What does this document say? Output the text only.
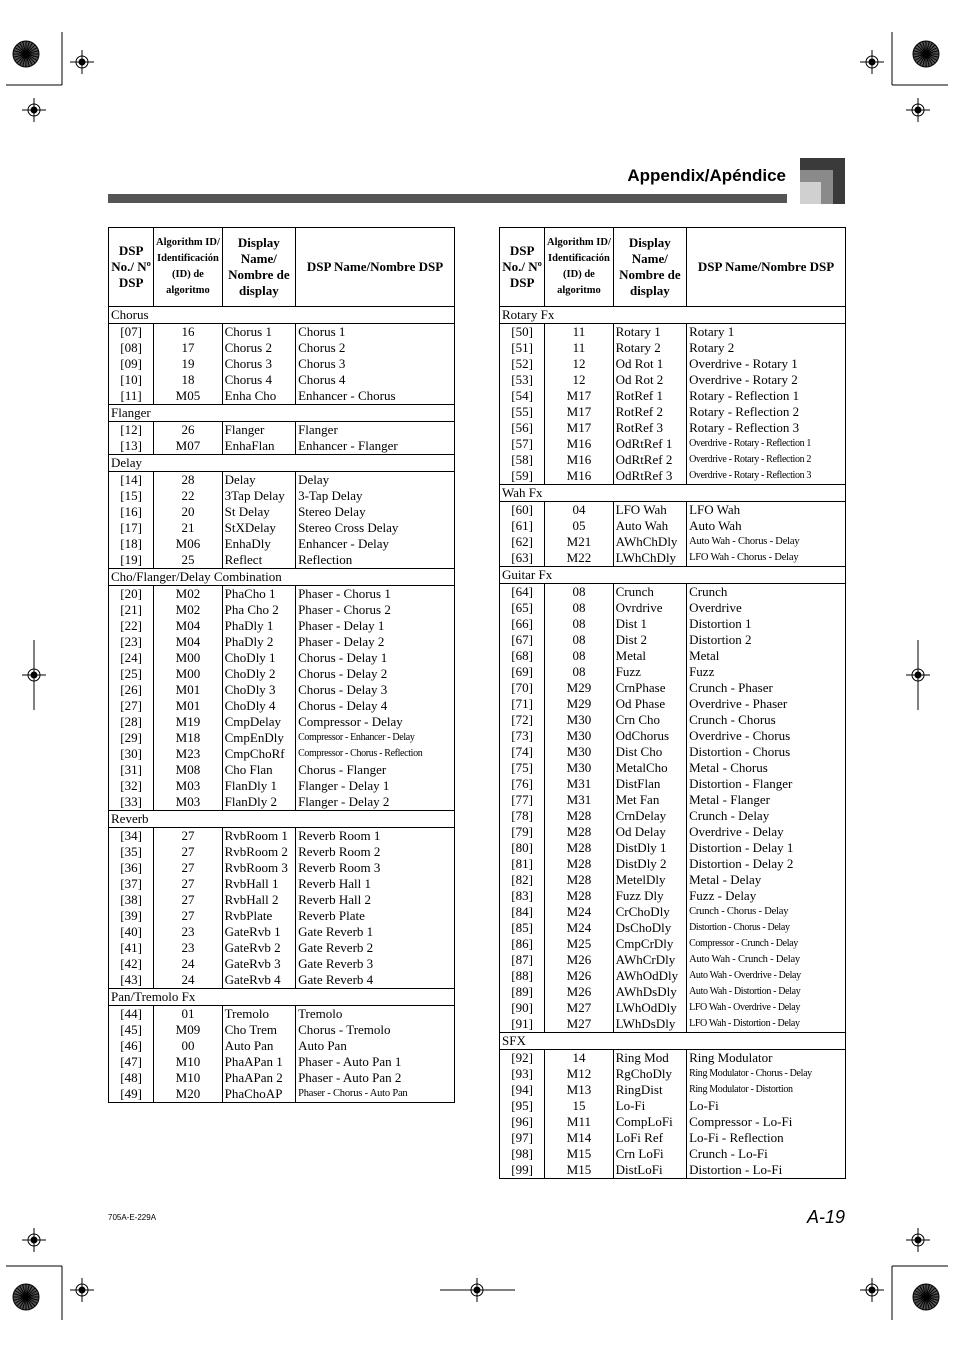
Appendix/Apéndice
DSP No./ Nº DSP	Algorithm ID/ Identificación (ID) de algoritmo	Display Name/ Nombre de display	DSP Name/Nombre DSP
Chorus			
[07]	16	Chorus 1	Chorus 1
[08]	17	Chorus 2	Chorus 2
[09]	19	Chorus 3	Chorus 3
[10]	18	Chorus 4	Chorus 4
[11]	M05	Enha Cho	Enhancer - Chorus
Flanger			
[12]	26	Flanger	Flanger
[13]	M07	EnhaFlan	Enhancer - Flanger
Delay			
[14]	28	Delay	Delay
[15]	22	3Tap Delay	3-Tap Delay
[16]	20	St Delay	Stereo Delay
[17]	21	StXDelay	Stereo Cross Delay
[18]	M06	EnhaDly	Enhancer - Delay
[19]	25	Reflect	Reflection
Cho/Flanger/Delay Combination			
[20]	M02	PhaCho 1	Phaser - Chorus 1
[21]	M02	Pha Cho 2	Phaser - Chorus 2
[22]	M04	PhaDly 1	Phaser - Delay 1
[23]	M04	PhaDly 2	Phaser - Delay 2
[24]	M00	ChoDly 1	Chorus - Delay 1
[25]	M00	ChoDly 2	Chorus - Delay 2
[26]	M01	ChoDly 3	Chorus - Delay 3
[27]	M01	ChoDly 4	Chorus - Delay 4
[28]	M19	CmpDelay	Compressor - Delay
[29]	M18	CmpEnDly	Compressor - Enhancer - Delay
[30]	M23	CmpChoRf	Compressor - Chorus - Reflection
[31]	M08	Cho Flan	Chorus - Flanger
[32]	M03	FlanDly 1	Flanger - Delay 1
[33]	M03	FlanDly 2	Flanger - Delay 2
Reverb			
[34]	27	RvbRoom 1	Reverb Room 1
[35]	27	RvbRoom 2	Reverb Room 2
[36]	27	RvbRoom 3	Reverb Room 3
[37]	27	RvbHall 1	Reverb Hall 1
[38]	27	RvbHall 2	Reverb Hall 2
[39]	27	RvbPlate	Reverb Plate
[40]	23	GateRvb 1	Gate Reverb 1
[41]	23	GateRvb 2	Gate Reverb 2
[42]	24	GateRvb 3	Gate Reverb 3
[43]	24	GateRvb 4	Gate Reverb 4
Pan/Tremolo Fx			
[44]	01	Tremolo	Tremolo
[45]	M09	Cho Trem	Chorus - Tremolo
[46]	00	Auto Pan	Auto Pan
[47]	M10	PhaAPan 1	Phaser - Auto Pan 1
[48]	M10	PhaAPan 2	Phaser - Auto Pan 2
[49]	M20	PhaChoAP	Phaser - Chorus - Auto Pan
DSP No./ Nº DSP	Algorithm ID/ Identificación (ID) de algoritmo	Display Name/ Nombre de display	DSP Name/Nombre DSP
Rotary Fx			
[50]	11	Rotary 1	Rotary 1
[51]	11	Rotary 2	Rotary 2
[52]	12	Od Rot 1	Overdrive - Rotary 1
[53]	12	Od Rot 2	Overdrive - Rotary 2
[54]	M17	RotRef 1	Rotary - Reflection 1
[55]	M17	RotRef 2	Rotary - Reflection 2
[56]	M17	RotRef 3	Rotary - Reflection 3
[57]	M16	OdRtRef 1	Overdrive - Rotary - Reflection 1
[58]	M16	OdRtRef 2	Overdrive - Rotary - Reflection 2
[59]	M16	OdRtRef 3	Overdrive - Rotary - Reflection 3
Wah Fx			
[60]	04	LFO Wah	LFO Wah
[61]	05	Auto Wah	Auto Wah
[62]	M21	AWhChDly	Auto Wah - Chorus - Delay
[63]	M22	LWhChDly	LFO Wah - Chorus - Delay
Guitar Fx			
[64]	08	Crunch	Crunch
[65]	08	Ovrdrive	Overdrive
[66]	08	Dist 1	Distortion 1
[67]	08	Dist 2	Distortion 2
[68]	08	Metal	Metal
[69]	08	Fuzz	Fuzz
[70]	M29	CrnPhase	Crunch - Phaser
[71]	M29	Od Phase	Overdrive - Phaser
[72]	M30	Crn Cho	Crunch - Chorus
[73]	M30	OdChorus	Overdrive - Chorus
[74]	M30	Dist Cho	Distortion - Chorus
[75]	M30	MetalCho	Metal - Chorus
[76]	M31	DistFlan	Distortion - Flanger
[77]	M31	Met Fan	Metal - Flanger
[78]	M28	CrnDelay	Crunch - Delay
[79]	M28	Od Delay	Overdrive - Delay
[80]	M28	DistDly 1	Distortion - Delay 1
[81]	M28	DistDly 2	Distortion - Delay 2
[82]	M28	MetelDly	Metal - Delay
[83]	M28	Fuzz Dly	Fuzz - Delay
[84]	M24	CrChoDly	Crunch - Chorus - Delay
[85]	M24	DsChoDly	Distortion - Chorus - Delay
[86]	M25	CmpCrDly	Compressor - Crunch - Delay
[87]	M26	AWhCrDly	Auto Wah - Crunch - Delay
[88]	M26	AWhOdDly	Auto Wah - Overdrive - Delay
[89]	M26	AWhDsDly	Auto Wah - Distortion - Delay
[90]	M27	LWhOdDly	LFO Wah - Overdrive - Delay
[91]	M27	LWhDsDly	LFO Wah - Distortion - Delay
SFX			
[92]	14	Ring Mod	Ring Modulator
[93]	M12	RgChoDly	Ring Modulator - Chorus - Delay
[94]	M13	RingDist	Ring Modulator - Distortion
[95]	15	Lo-Fi	Lo-Fi
[96]	M11	CompLoFi	Compressor - Lo-Fi
[97]	M14	LoFi Ref	Lo-Fi - Reflection
[98]	M15	Crn LoFi	Crunch - Lo-Fi
[99]	M15	DistLoFi	Distortion - Lo-Fi
705A-E-229A	A-19
